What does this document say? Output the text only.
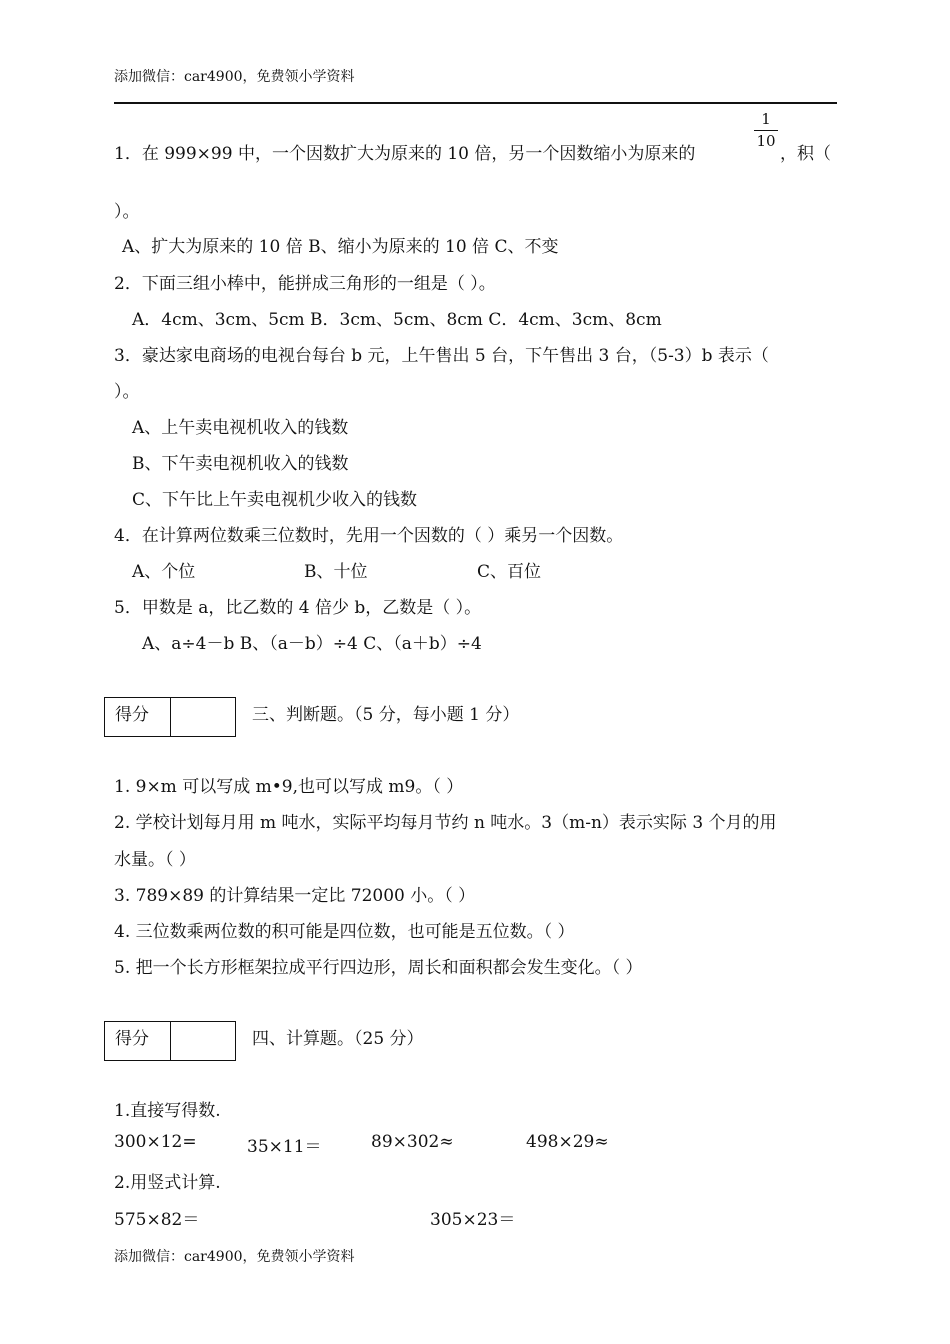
添加微信：car4900，免费领小学资料
1．在 999×99 中，一个因数扩大为原来的 10 倍，另一个因数缩小为原来的
1
10
，积（
）。
A、扩大为原来的 10 倍 B、缩小为原来的 10 倍 C、不变
2．下面三组小棒中，能拼成三角形的一组是（ ）。
A．4cm、3cm、5cm B．3cm、5cm、8cm C．4cm、3cm、8cm
3．豪达家电商场的电视台每台 b 元，上午售出 5 台，下午售出 3 台，（5-3）b 表示（
）。
A、上午卖电视机收入的钱数
B、下午卖电视机收入的钱数
C、下午比上午卖电视机少收入的钱数
4．在计算两位数乘三位数时，先用一个因数的（ ）乘另一个因数。
A、个位	B、十位	C、百位
5．甲数是 a，比乙数的 4 倍少 b，乙数是（ ）。
A、a÷4－b B、（a－b）÷4 C、（a＋b）÷4
得分	三、判断题。（5 分，每小题 1 分）
1. 9×m 可以写成 m•9,也可以写成 m9。（ ）
2. 学校计划每月用 m 吨水，实际平均每月节约 n 吨水。3（m-n）表示实际 3 个月的用
水量。（ ）
3. 789×89 的计算结果一定比 72000 小。（ ）
4. 三位数乘两位数的积可能是四位数，也可能是五位数。（ ）
5. 把一个长方形框架拉成平行四边形，周长和面积都会发生变化。（ ）
得分	四、计算题。（25 分）
1.直接写得数.
300×12=	35×11＝	89×302≈	498×29≈
2.用竖式计算.
575×82＝	305×23＝
添加微信：car4900，免费领小学资料
